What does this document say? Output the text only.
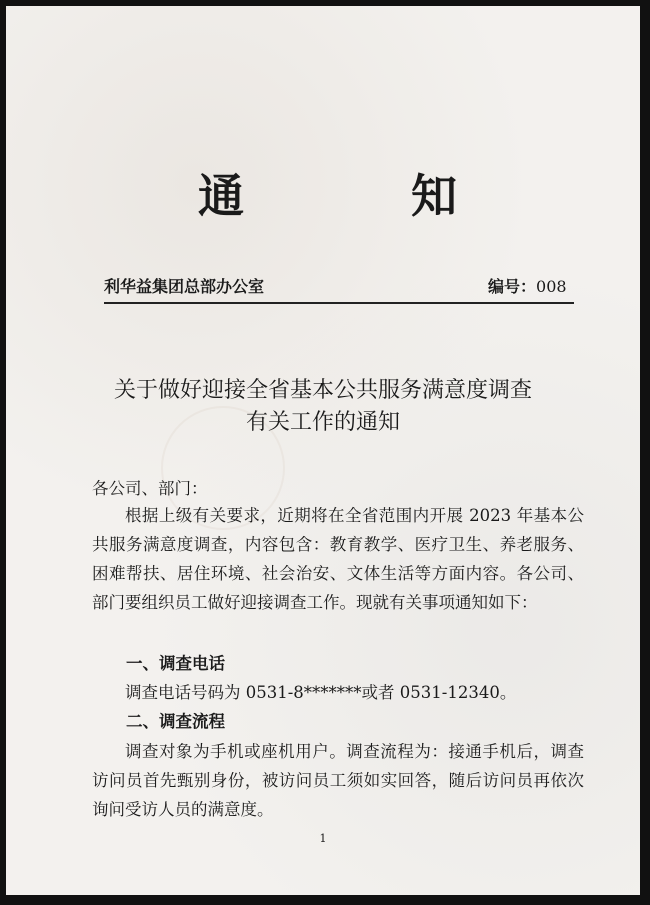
通	知
利华益集团总部办公室	编号：008
关于做好迎接全省基本公共服务满意度调查
有关工作的通知
各公司、部门：
根据上级有关要求，近期将在全省范围内开展 2023 年基本公共服务满意度调查，内容包含：教育教学、医疗卫生、养老服务、困难帮扶、居住环境、社会治安、文体生活等方面内容。各公司、部门要组织员工做好迎接调查工作。现就有关事项通知如下：
一、调查电话
调查电话号码为 0531-8*******或者 0531-12340。
二、调查流程
调查对象为手机或座机用户。调查流程为：接通手机后，调查访问员首先甄别身份，被访问员工须如实回答，随后访问员再依次询问受访人员的满意度。
1
